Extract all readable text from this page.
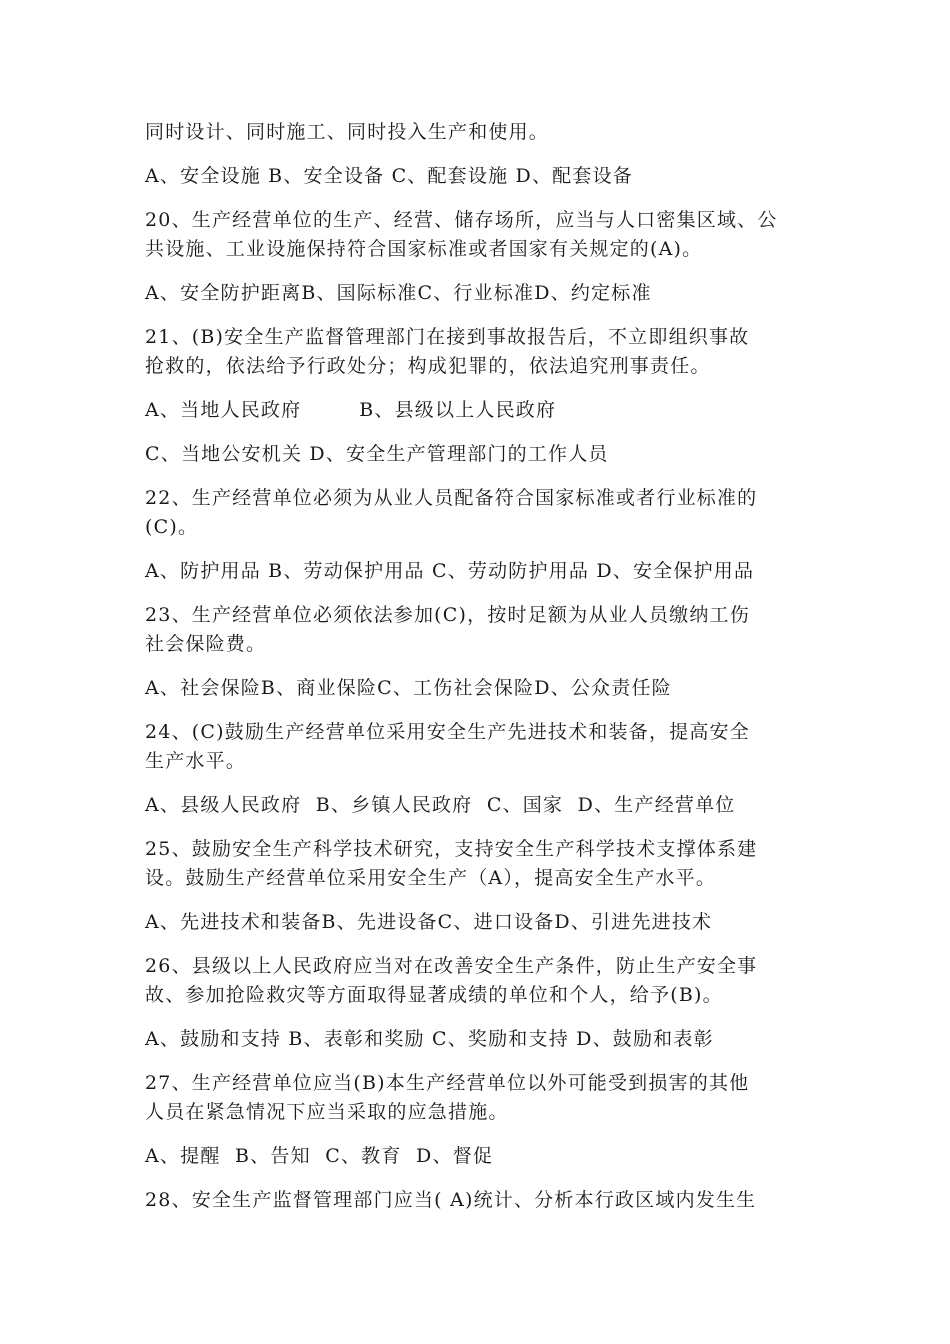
同时设计、同时施工、同时投入生产和使用。
A、安全设施 B、安全设备 C、配套设施 D、配套设备
20、生产经营单位的生产、经营、储存场所，应当与人口密集区域、公
共设施、工业设施保持符合国家标准或者国家有关规定的(A)。
A、安全防护距离B、国际标准C、行业标准D、约定标准
21、(B)安全生产监督管理部门在接到事故报告后，不立即组织事故
抢救的，依法给予行政处分；构成犯罪的，依法追究刑事责任。
A、当地人民政府        B、县级以上人民政府
C、当地公安机关 D、安全生产管理部门的工作人员
22、生产经营单位必须为从业人员配备符合国家标准或者行业标准的
(C)。
A、防护用品 B、劳动保护用品 C、劳动防护用品 D、安全保护用品
23、生产经营单位必须依法参加(C)，按时足额为从业人员缴纳工伤
社会保险费。
A、社会保险B、商业保险C、工伤社会保险D、公众责任险
24、(C)鼓励生产经营单位采用安全生产先进技术和装备，提高安全
生产水平。
A、县级人民政府  B、乡镇人民政府  C、国家  D、生产经营单位
25、鼓励安全生产科学技术研究，支持安全生产科学技术支撑体系建
设。鼓励生产经营单位采用安全生产（A），提高安全生产水平。
A、先进技术和装备B、先进设备C、进口设备D、引进先进技术
26、县级以上人民政府应当对在改善安全生产条件，防止生产安全事
故、参加抢险救灾等方面取得显著成绩的单位和个人，给予(B)。
A、鼓励和支持 B、表彰和奖励 C、奖励和支持 D、鼓励和表彰
27、生产经营单位应当(B)本生产经营单位以外可能受到损害的其他
人员在紧急情况下应当采取的应急措施。
A、提醒  B、告知  C、教育  D、督促
28、安全生产监督管理部门应当( A)统计、分析本行政区域内发生生
